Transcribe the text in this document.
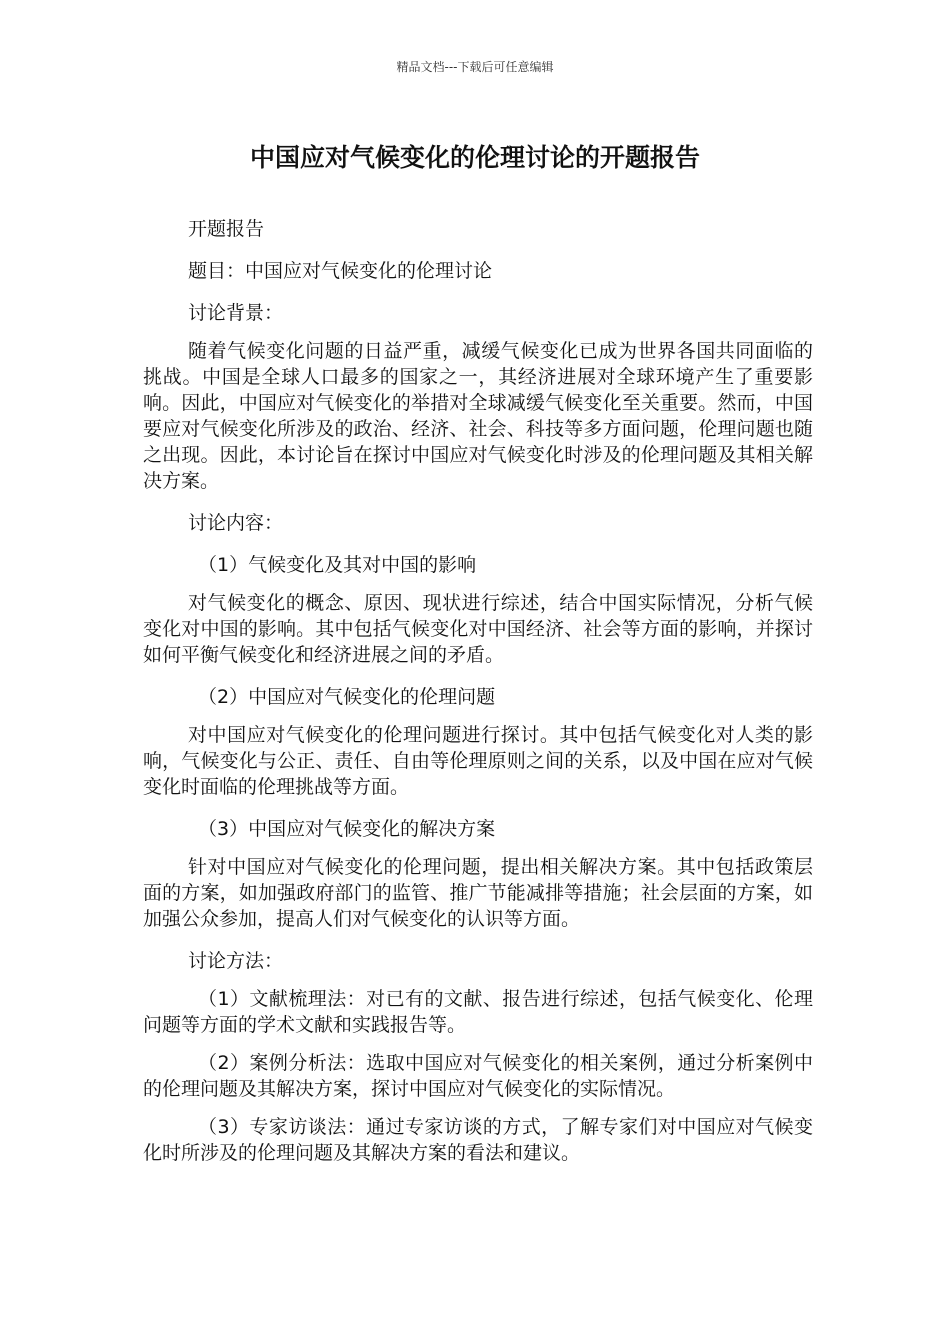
精品文档---下载后可任意编辑
中国应对气候变化的伦理讨论的开题报告

开题报告

题目：中国应对气候变化的伦理讨论

讨论背景：

随着气候变化问题的日益严重，减缓气候变化已成为世界各国共同面临的挑战。中国是全球人口最多的国家之一，其经济进展对全球环境产生了重要影响。因此，中国应对气候变化的举措对全球减缓气候变化至关重要。然而，中国要应对气候变化所涉及的政治、经济、社会、科技等多方面问题，伦理问题也随之出现。因此，本讨论旨在探讨中国应对气候变化时涉及的伦理问题及其相关解决方案。

讨论内容：

（1）气候变化及其对中国的影响

对气候变化的概念、原因、现状进行综述，结合中国实际情况，分析气候变化对中国的影响。其中包括气候变化对中国经济、社会等方面的影响，并探讨如何平衡气候变化和经济进展之间的矛盾。

（2）中国应对气候变化的伦理问题

对中国应对气候变化的伦理问题进行探讨。其中包括气候变化对人类的影响，气候变化与公正、责任、自由等伦理原则之间的关系，以及中国在应对气候变化时面临的伦理挑战等方面。

（3）中国应对气候变化的解决方案

针对中国应对气候变化的伦理问题，提出相关解决方案。其中包括政策层面的方案，如加强政府部门的监管、推广节能减排等措施；社会层面的方案，如加强公众参加，提高人们对气候变化的认识等方面。

讨论方法：

（1）文献梳理法：对已有的文献、报告进行综述，包括气候变化、伦理问题等方面的学术文献和实践报告等。

（2）案例分析法：选取中国应对气候变化的相关案例，通过分析案例中的伦理问题及其解决方案，探讨中国应对气候变化的实际情况。

（3）专家访谈法：通过专家访谈的方式，了解专家们对中国应对气候变化时所涉及的伦理问题及其解决方案的看法和建议。
